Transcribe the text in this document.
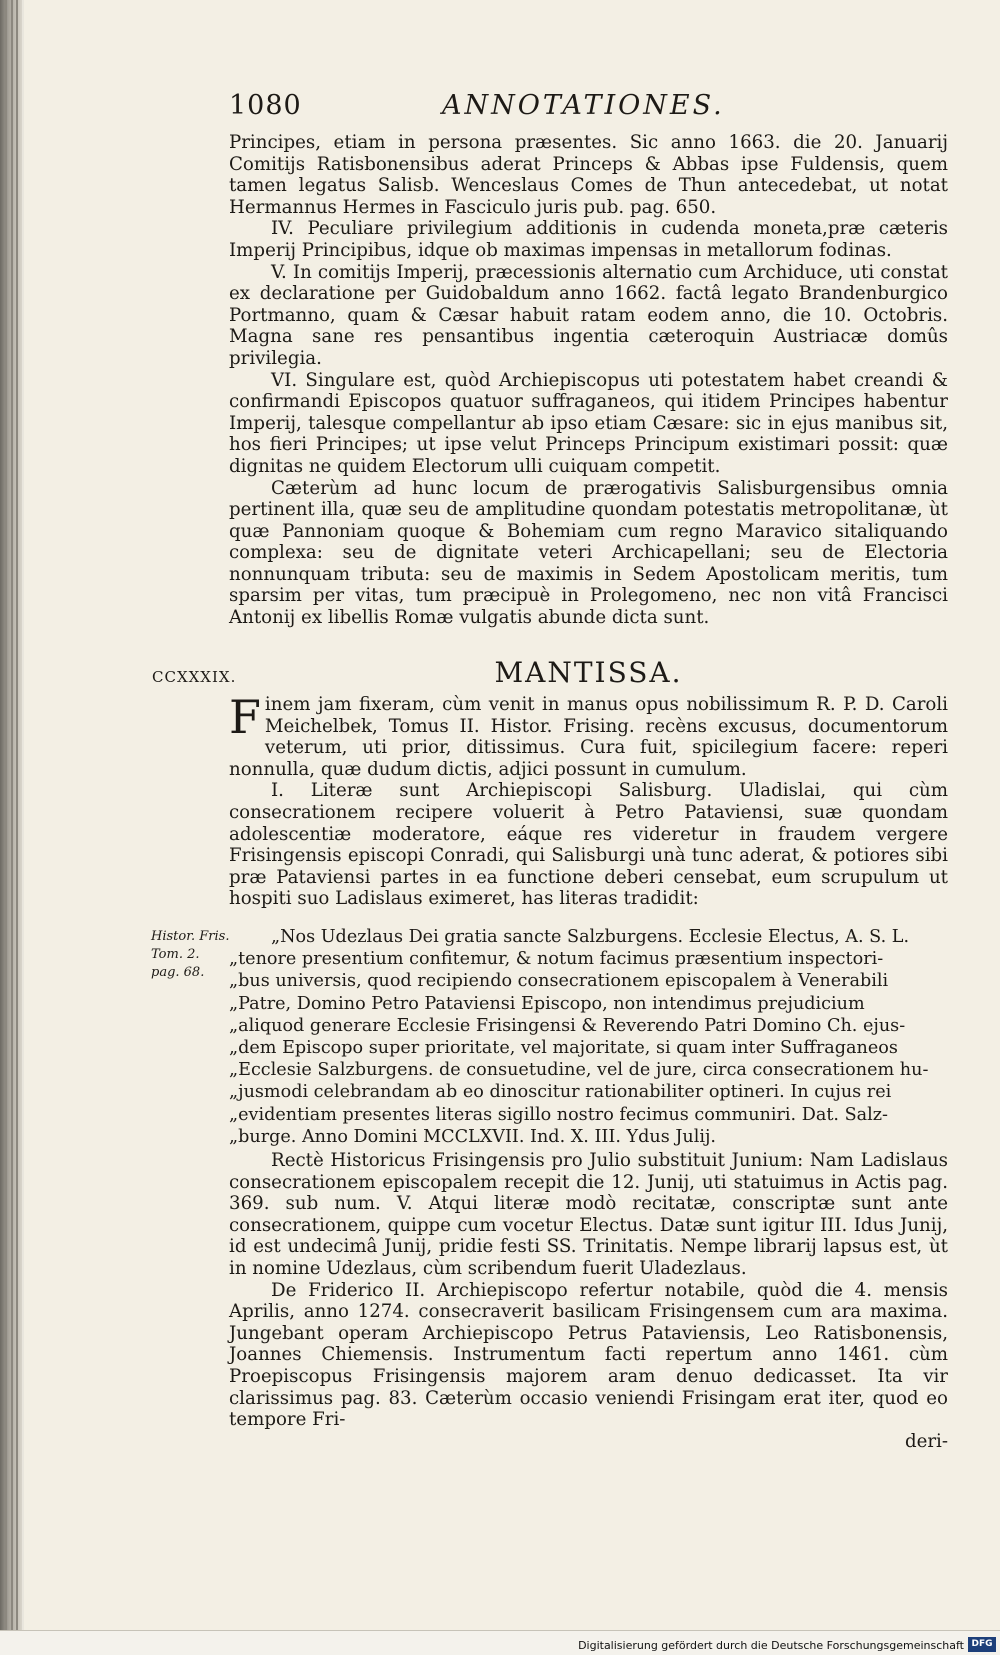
1080	ANNOTATIONES.

Principes, etiam in persona præsentes. Sic anno 1663. die 20. Januarij Comitijs Ratisbonensibus aderat Princeps & Abbas ipse Fuldensis, quem tamen legatus Salisb. Wenceslaus Comes de Thun antecedebat, ut notat Hermannus Hermes in Fasciculo juris pub. pag. 650.

IV. Peculiare privilegium additionis in cudenda moneta,præ cæteris Imperij Principibus, idque ob maximas impensas in metallorum fodinas.

V. In comitijs Imperij, præcessionis alternatio cum Archiduce, uti constat ex declaratione per Guidobaldum anno 1662. factâ legato Brandenburgico Portmanno, quam & Cæsar habuit ratam eodem anno, die 10. Octobris. Magna sane res pensantibus ingentia cæteroquin Austriacæ domûs privilegia.

VI. Singulare est, quòd Archiepiscopus uti potestatem habet creandi & confirmandi Episcopos quatuor suffraganeos, qui itidem Principes habentur Imperij, talesque compellantur ab ipso etiam Cæsare: sic in ejus manibus sit, hos fieri Principes; ut ipse velut Princeps Principum existimari possit: quæ dignitas ne quidem Electorum ulli cuiquam competit.

Cæterùm ad hunc locum de prærogativis Salisburgensibus omnia pertinent illa, quæ seu de amplitudine quondam potestatis metropolitanæ, ùt quæ Pannoniam quoque & Bohemiam cum regno Maravico sitaliquando complexa: seu de dignitate veteri Archicapellani; seu de Electoria nonnunquam tributa: seu de maximis in Sedem Apostolicam meritis, tum sparsim per vitas, tum præcipuè in Prolegomeno, nec non vitâ Francisci Antonij ex libellis Romæ vulgatis abunde dicta sunt.

CCXXXIX.	MANTISSA.

Finem jam fixeram, cùm venit in manus opus nobilissimum R. P. D. Caroli Meichelbek, Tomus II. Histor. Frising. recèns excusus, documentorum veterum, uti prior, ditissimus. Cura fuit, spicilegium facere: reperi nonnulla, quæ dudum dictis, adjici possunt in cumulum.

I. Literæ sunt Archiepiscopi Salisburg. Uladislai, qui cùm consecrationem recipere voluerit à Petro Pataviensi, suæ quondam adolescentiæ moderatore, eáque res videretur in fraudem vergere Frisingensis episcopi Conradi, qui Salisburgi unà tunc aderat, & potiores sibi præ Pataviensi partes in ea functione deberi censebat, eum scrupulum ut hospiti suo Ladislaus eximeret, has literas tradidit:

Histor. Fris.
Tom. 2.
pag. 68.
„Nos Udezlaus Dei gratia sancte Salzburgens. Ecclesie Electus, A. S. L.
„tenore presentium confitemur, & notum facimus præsentium inspectori-
„bus universis, quod recipiendo consecrationem episcopalem à Venerabili
„Patre, Domino Petro Pataviensi Episcopo, non intendimus prejudicium
„aliquod generare Ecclesie Frisingensi & Reverendo Patri Domino Ch. ejus-
„dem Episcopo super prioritate, vel majoritate, si quam inter Suffraganeos
„Ecclesie Salzburgens. de consuetudine, vel de jure, circa consecrationem hu-
„jusmodi celebrandam ab eo dinoscitur rationabiliter optineri. In cujus rei
„evidentiam presentes literas sigillo nostro fecimus communiri. Dat. Salz-
„burge. Anno Domini MCCLXVII. Ind. X. III. Ydus Julij.

Rectè Historicus Frisingensis pro Julio substituit Junium: Nam Ladislaus consecrationem episcopalem recepit die 12. Junij, uti statuimus in Actis pag. 369. sub num. V. Atqui literæ modò recitatæ, conscriptæ sunt ante consecrationem, quippe cum vocetur Electus. Datæ sunt igitur III. Idus Junij, id est undecimâ Junij, pridie festi SS. Trinitatis. Nempe librarij lapsus est, ùt in nomine Udezlaus, cùm scribendum fuerit Uladezlaus.

De Friderico II. Archiepiscopo refertur notabile, quòd die 4. mensis Aprilis, anno 1274. consecraverit basilicam Frisingensem cum ara maxima. Jungebant operam Archiepiscopo Petrus Pataviensis, Leo Ratisbonensis, Joannes Chiemensis. Instrumentum facti repertum anno 1461. cùm Proepiscopus Frisingensis majorem aram denuo dedicasset. Ita vir clarissimus pag. 83. Cæterùm occasio veniendi Frisingam erat iter, quod eo tempore Fri-

deri-
Digitalisierung gefördert durch die Deutsche Forschungsgemeinschaft DFG
